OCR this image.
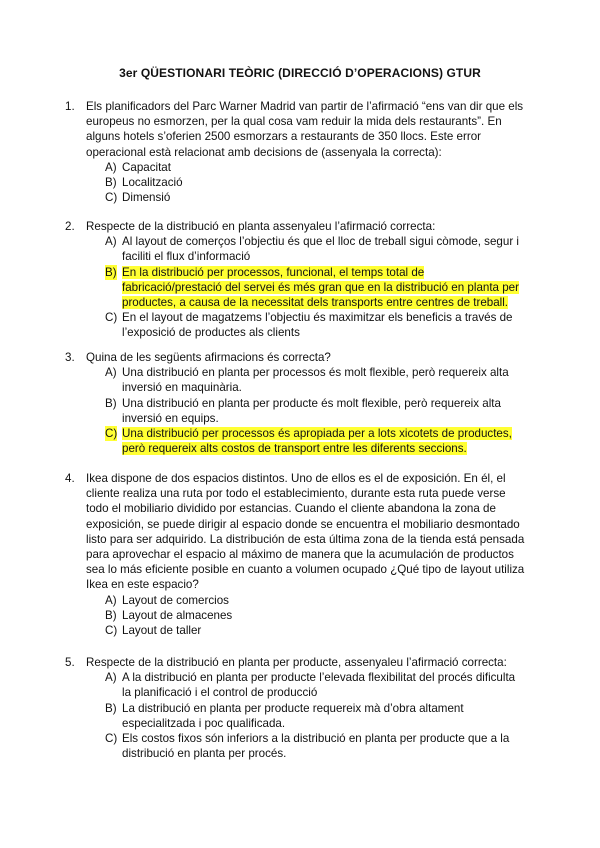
3er QÜESTIONARI TEÒRIC (DIRECCIÓ D’OPERACIONS) GTUR
1. Els planificadors del Parc Warner Madrid van partir de l’afirmació “ens van dir que els europeus no esmorzen, per la qual cosa vam reduir la mida dels restaurants”. En alguns hotels s’oferien 2500 esmorzars a restaurants de 350 llocs. Este error operacional està relacionat amb decisions de (assenyala la correcta):

A) Capacitat
B) Localització
C) Dimensió
2. Respecte de la distribució en planta assenyaleu l’afirmació correcta:

A) Al layout de comerços l’objectiu és que el lloc de treball sigui còmode, segur i faciliti el flux d’informació
B) En la distribució per processos, funcional, el temps total de fabricació/prestació del servei és més gran que en la distribució en planta per productes, a causa de la necessitat dels transports entre centres de treball.
C) En el layout de magatzems l’objectiu és maximitzar els beneficis a través de l’exposició de productes als clients
3. Quina de les següents afirmacions és correcta?

A) Una distribució en planta per processos és molt flexible, però requereix alta inversió en maquinària.
B) Una distribució en planta per producte és molt flexible, però requereix alta inversió en equips.
C) Una distribució per processos és apropiada per a lots xicotets de productes, però requereix alts costos de transport entre les diferents seccions.
4. Ikea dispone de dos espacios distintos. Uno de ellos es el de exposición. En él, el cliente realiza una ruta por todo el establecimiento, durante esta ruta puede verse todo el mobiliario dividido por estancias. Cuando el cliente abandona la zona de exposición, se puede dirigir al espacio donde se encuentra el mobiliario desmontado listo para ser adquirido. La distribución de esta última zona de la tienda está pensada para aprovechar el espacio al máximo de manera que la acumulación de productos sea lo más eficiente posible en cuanto a volumen ocupado ¿Qué tipo de layout utiliza Ikea en este espacio?

A) Layout de comercios
B) Layout de almacenes
C) Layout de taller
5. Respecte de la distribució en planta per producte, assenyaleu l’afirmació correcta:

A) A la distribució en planta per producte l’elevada flexibilitat del procés dificulta la planificació i el control de producció
B) La distribució en planta per producte requereix mà d’obra altament especialitzada i poc qualificada.
C) Els costos fixos són inferiors a la distribució en planta per producte que a la distribució en planta per procés.
